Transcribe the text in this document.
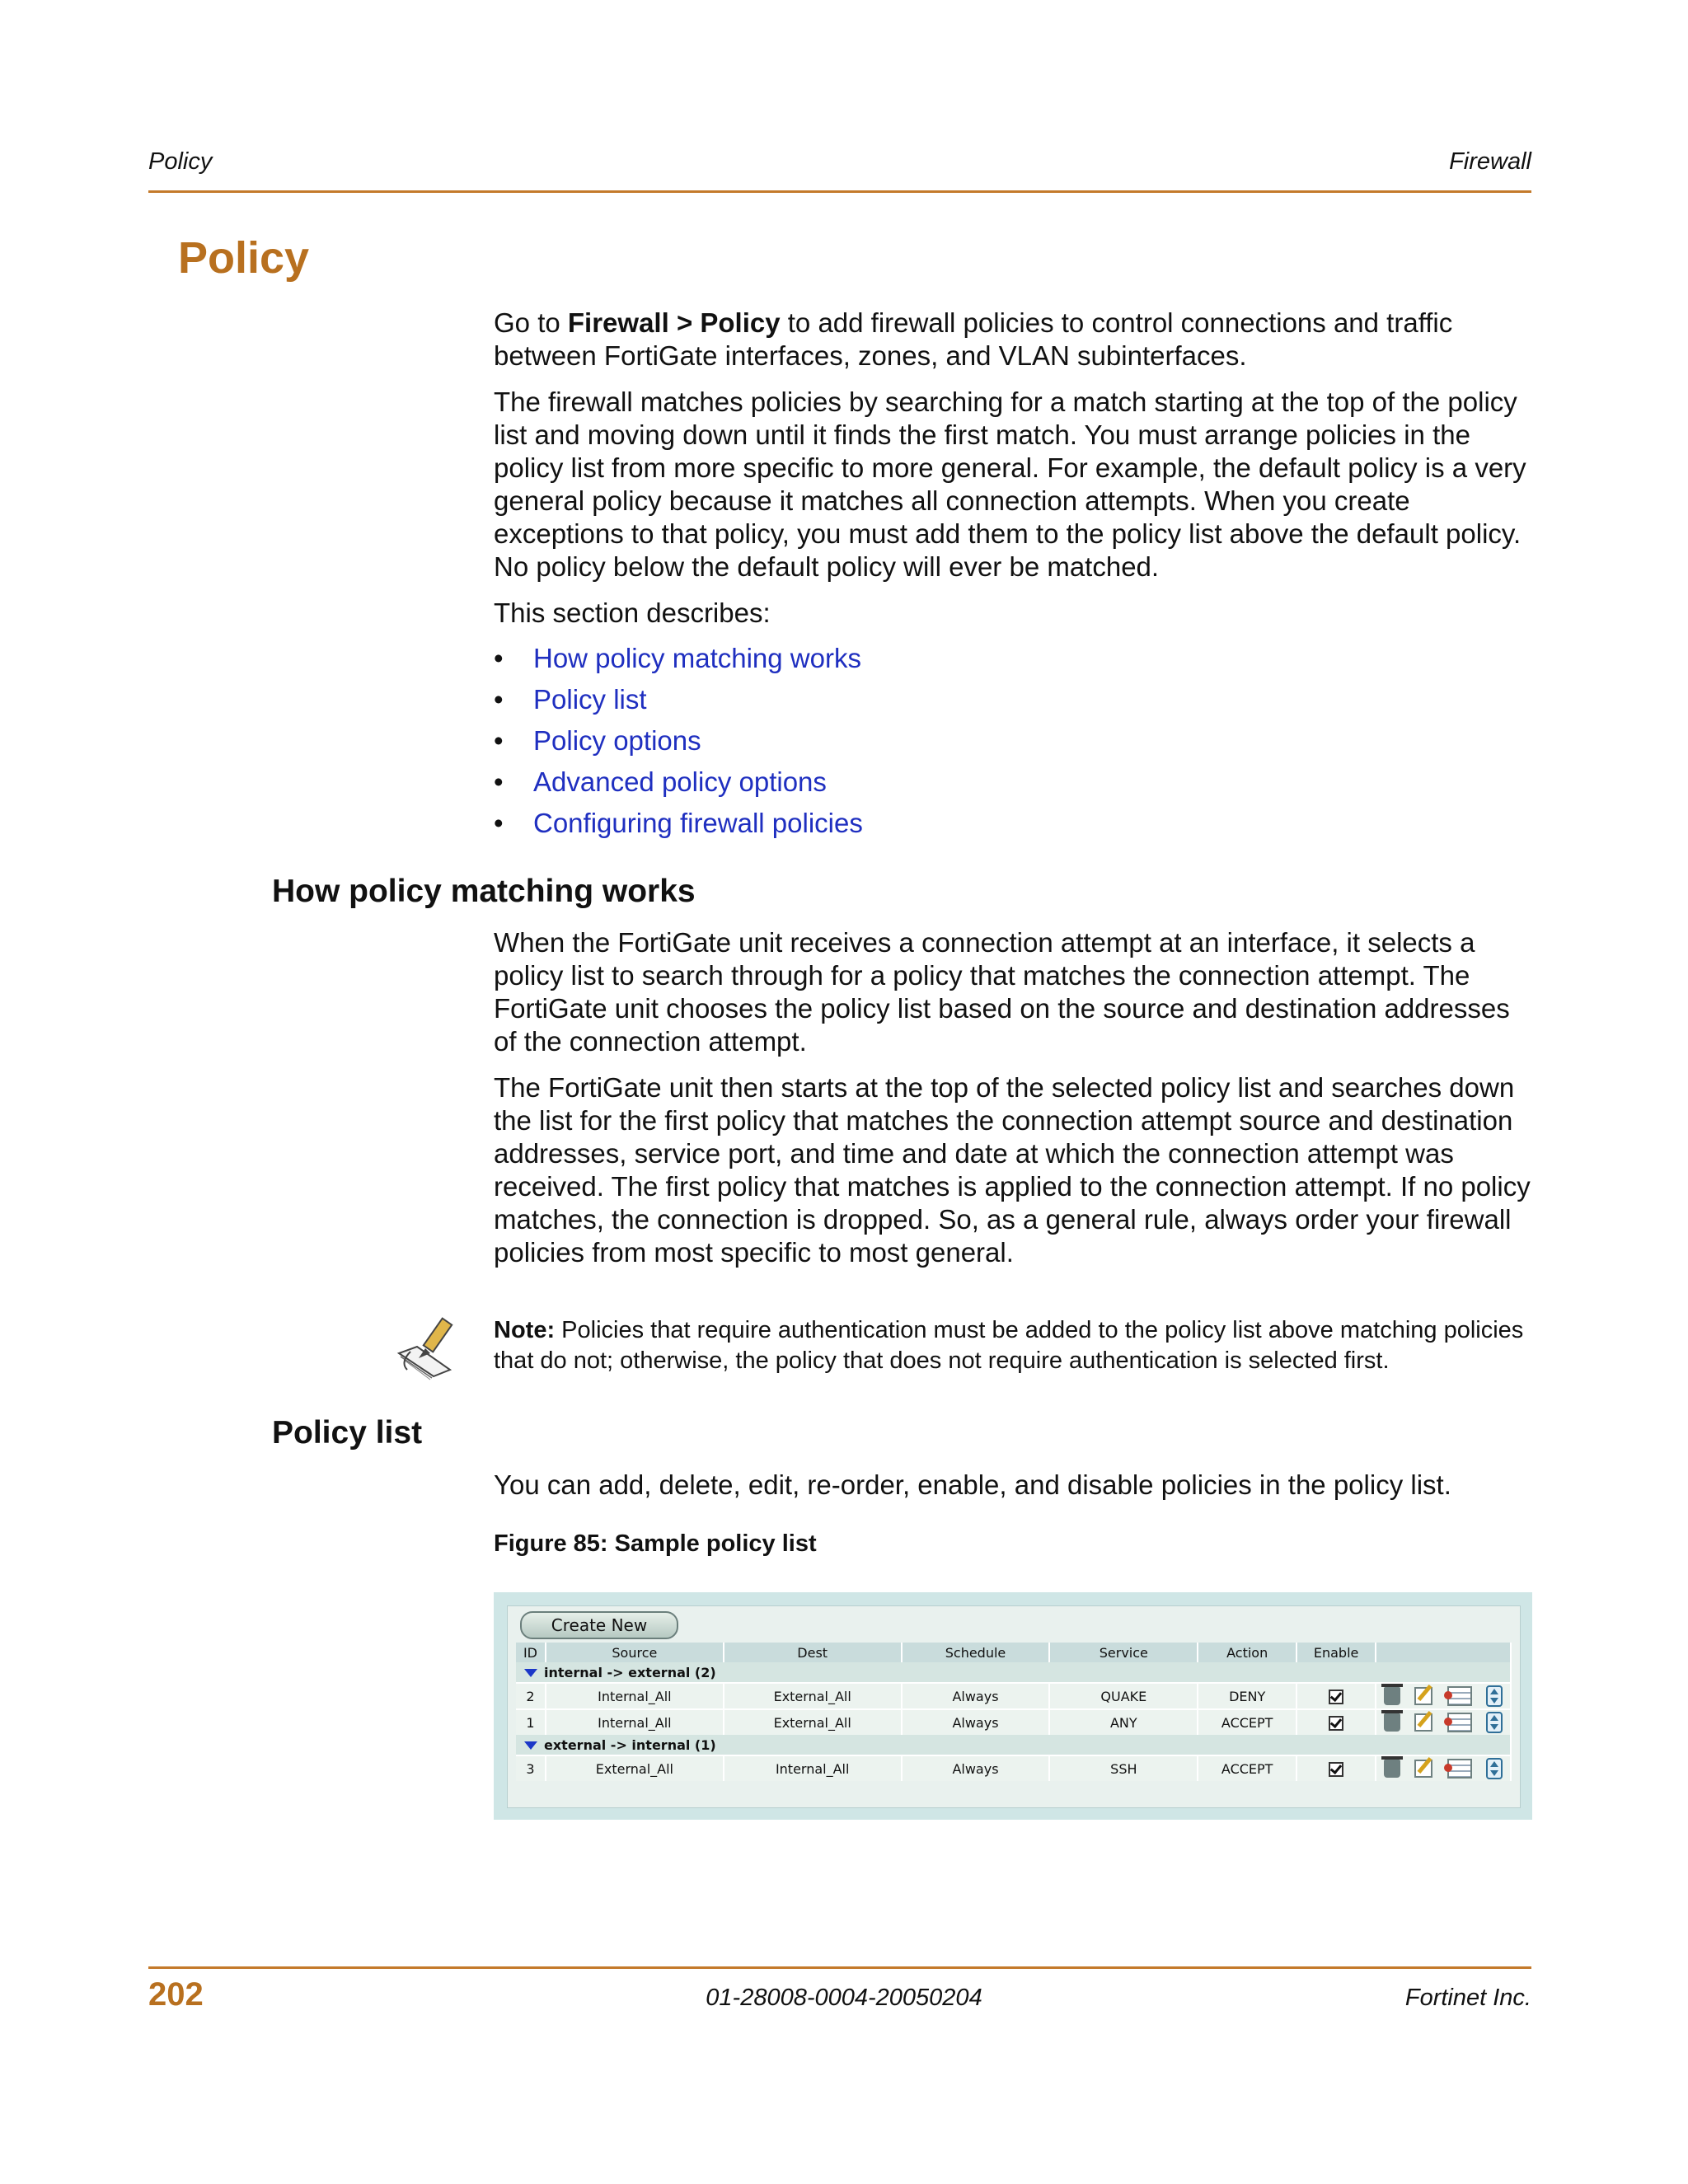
Policy	Firewall
Policy

Go to Firewall > Policy to add firewall policies to control connections and traffic between FortiGate interfaces, zones, and VLAN subinterfaces.

The firewall matches policies by searching for a match starting at the top of the policy list and moving down until it finds the first match. You must arrange policies in the policy list from more specific to more general. For example, the default policy is a very general policy because it matches all connection attempts. When you create exceptions to that policy, you must add them to the policy list above the default policy. No policy below the default policy will ever be matched.

This section describes:

• How policy matching works
• Policy list
• Policy options
• Advanced policy options
• Configuring firewall policies
How policy matching works

When the FortiGate unit receives a connection attempt at an interface, it selects a policy list to search through for a policy that matches the connection attempt. The FortiGate unit chooses the policy list based on the source and destination addresses of the connection attempt.

The FortiGate unit then starts at the top of the selected policy list and searches down the list for the first policy that matches the connection attempt source and destination addresses, service port, and time and date at which the connection attempt was received. The first policy that matches is applied to the connection attempt. If no policy matches, the connection is dropped. So, as a general rule, always order your firewall policies from most specific to most general.

Note: Policies that require authentication must be added to the policy list above matching policies that do not; otherwise, the policy that does not require authentication is selected first.
Policy list

You can add, delete, edit, re-order, enable, and disable policies in the policy list.

Figure 85: Sample policy list
Create New
ID	Source	Dest	Schedule	Service	Action	Enable	
internal -> external (2)							
2	Internal_All	External_All	Always	QUAKE	DENY		

1	Internal_All	External_All	Always	ANY	ACCEPT		

external -> internal (1)							
3	External_All	Internal_All	Always	SSH	ACCEPT		
202	01-28008-0004-20050204	Fortinet Inc.
